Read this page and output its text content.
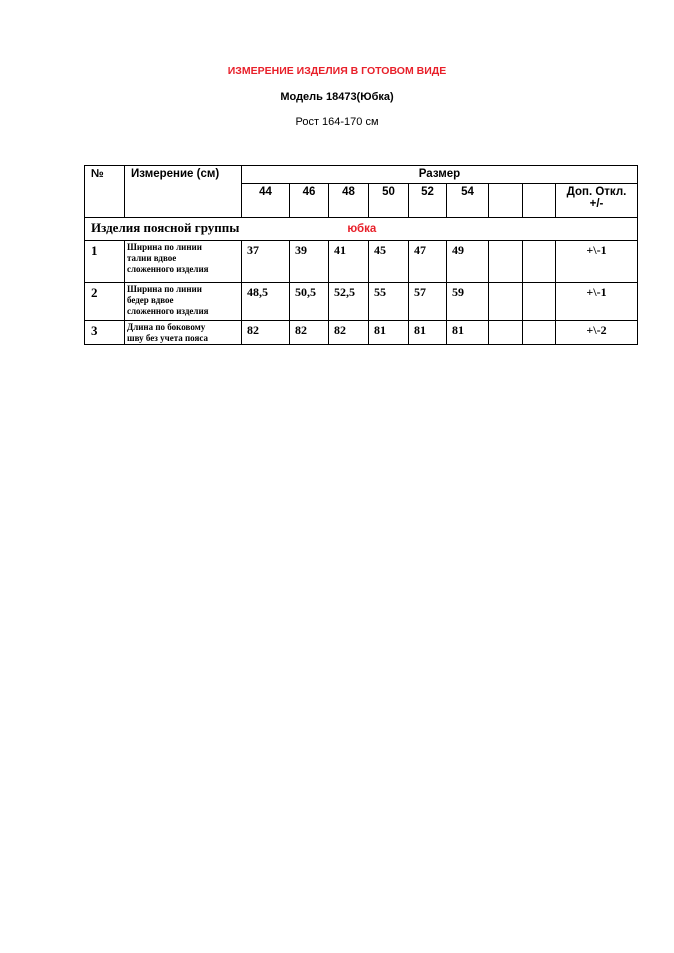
ИЗМЕРЕНИЕ ИЗДЕЛИЯ В ГОТОВОМ ВИДЕ
Модель 18473(Юбка)
Рост 164-170 см
№	Измерение (см)	Размер								
		44	46	48	50	52	54			Доп. Откл.
+/-

Изделия поясной группы юбка										
1	Ширина по линии
талии вдвое
сложенного изделия	37	39	41	45	47	49			+\-1
2	Ширина по линии
бедер вдвое
сложенного изделия	48,5	50,5	52,5	55	57	59			+\-1
3	Длина по боковому
шву без учета пояса	82	82	82	81	81	81			+\-2
